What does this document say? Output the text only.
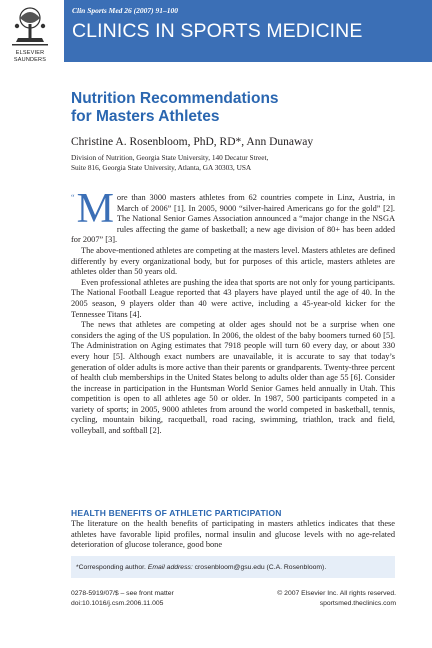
ELSEVIER SAUNDERS
Clin Sports Med 26 (2007) 91–100
CLINICS IN SPORTS MEDICINE
Nutrition Recommendations
for Masters Athletes
Christine A. Rosenbloom, PhD, RD*, Ann Dunaway
Division of Nutrition, Georgia State University, 140 Decatur Street,
Suite 816, Georgia State University, Atlanta, GA 30303, USA

“ M ore than 3000 masters athletes from 62 countries compete in Linz, Austria, in March of 2006” [1]. In 2005, 9000 “silver-haired Americans go for the gold” [2]. The National Senior Games Association announced a “major change in the NSGA rules affecting the game of basketball; a new age division of 80+ has been added for 2007” [3].

The above-mentioned athletes are competing at the masters level. Masters athletes are defined differently by every organizational body, but for purposes of this article, masters athletes are athletes older than 50 years old.

Even professional athletes are pushing the idea that sports are not only for young participants. The National Football League reported that 43 players have played until the age of 40. In the 2005 season, 9 players older than 40 were active, including a 45-year-old kicker for the Tennessee Titans [4].

The news that athletes are competing at older ages should not be a surprise when one considers the aging of the US population. In 2006, the oldest of the baby boomers turned 60 [5]. The Administration on Aging estimates that 7918 people will turn 60 every day, or about 330 every hour [5]. Although exact numbers are unavailable, it is accurate to say that today’s generation of older adults is more active than their parents or grandparents. Twenty-three percent of health club memberships in the United States belong to adults older than age 55 [6]. Consider the increase in participation in the Huntsman World Senior Games held annually in Utah. This competition is open to all athletes age 50 or older. In 1987, 500 participants competed in a variety of sports; in 2005, 9000 athletes from around the world competed in basketball, tennis, cycling, mountain biking, racquetball, road racing, swimming, triathlon, track and field, volleyball, and softball [2].

HEALTH BENEFITS OF ATHLETIC PARTICIPATION
The literature on the health benefits of participating in masters athletics indicates that these athletes have favorable lipid profiles, normal insulin and glucose levels with no age-related deterioration of glucose tolerance, good bone
*Corresponding author. Email address: crosenbloom@gsu.edu (C.A. Rosenbloom).
0278-5919/07/$ – see front matter
doi:10.1016/j.csm.2006.11.005
© 2007 Elsevier Inc. All rights reserved.
sportsmed.theclinics.com
